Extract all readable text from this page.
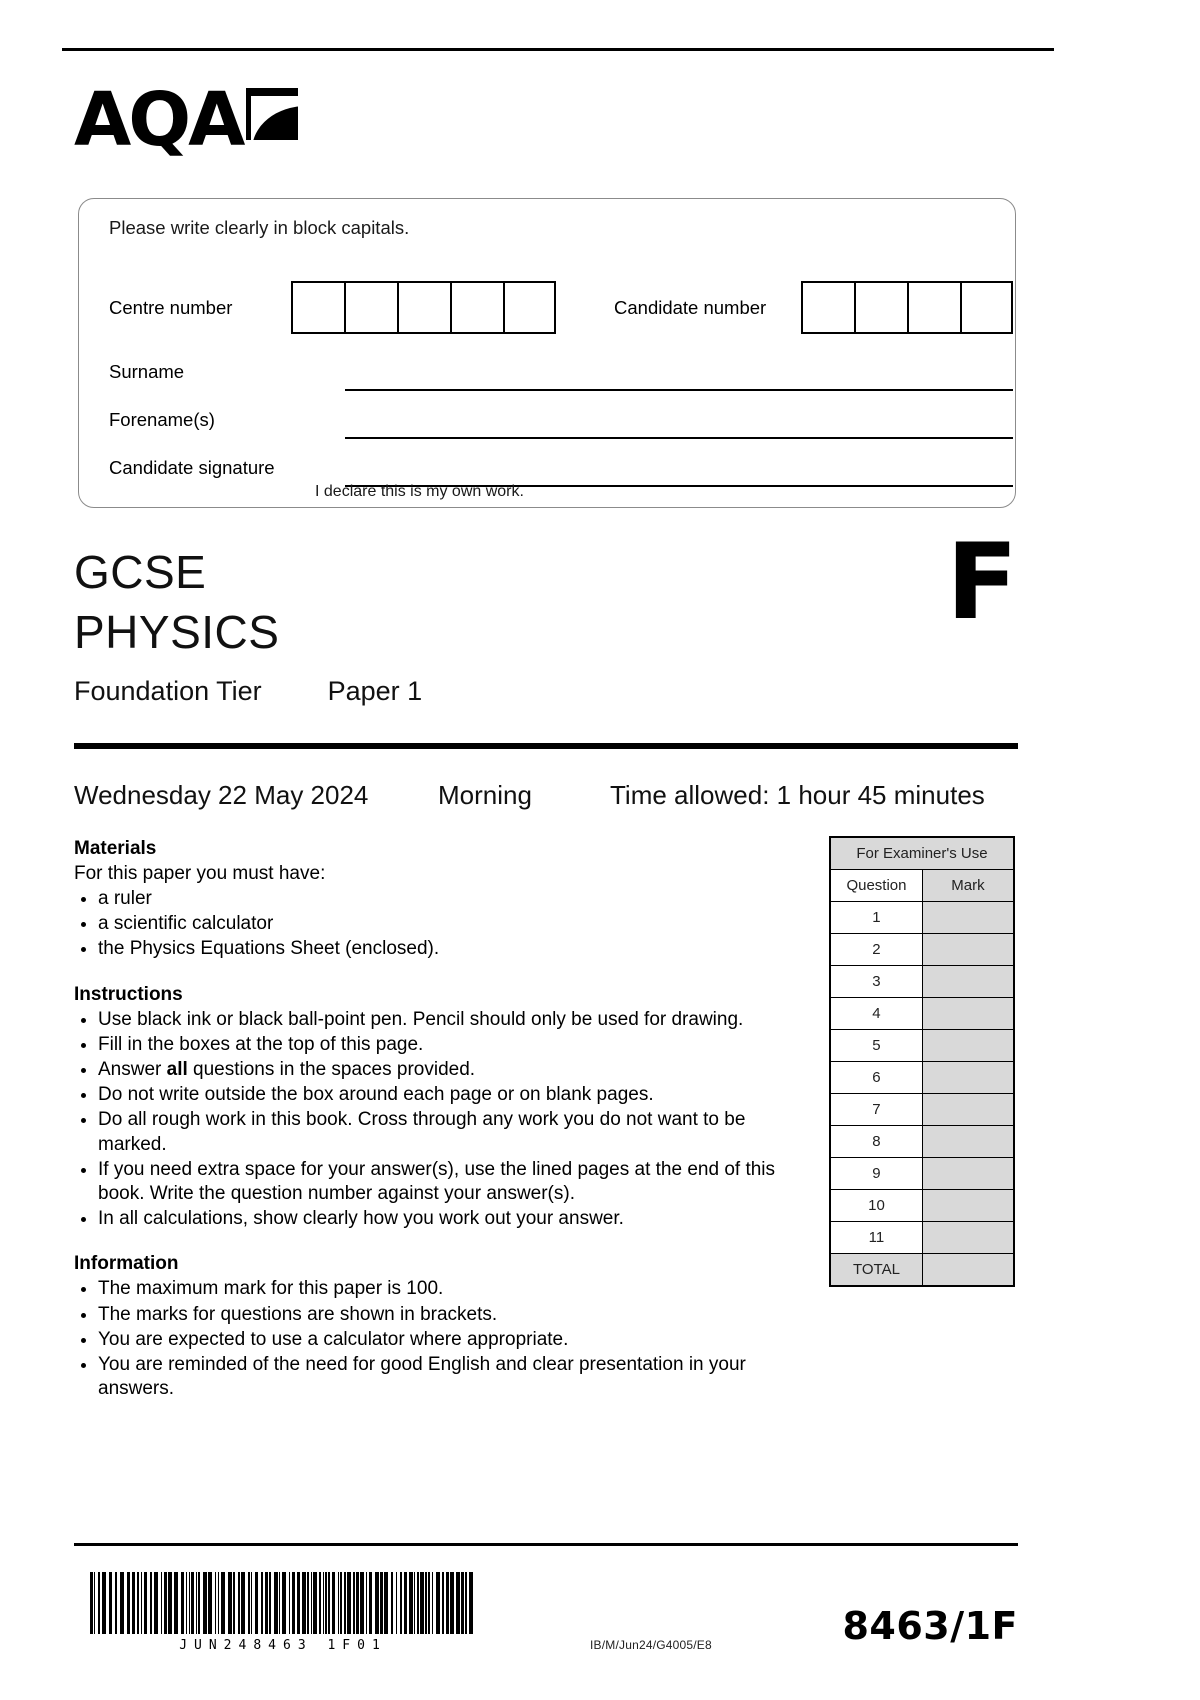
AQA
Please write clearly in block capitals.
Centre number	Candidate number
Surname
Forename(s)
Candidate signature
I declare this is my own work.
GCSE
PHYSICS
Foundation Tier Paper 1
F
Wednesday 22 May 2024	Morning	Time allowed: 1 hour 45 minutes
Materials

For this paper you must have:

a ruler
a scientific calculator
the Physics Equations Sheet (enclosed).
Instructions
Use black ink or black ball-point pen. Pencil should only be used for drawing.
Fill in the boxes at the top of this page.
Answer all questions in the spaces provided.
Do not write outside the box around each page or on blank pages.
Do all rough work in this book. Cross through any work you do not want to be marked.
If you need extra space for your answer(s), use the lined pages at the end of this book. Write the question number against your answer(s).
In all calculations, show clearly how you work out your answer.
Information
The maximum mark for this paper is 100.
The marks for questions are shown in brackets.
You are expected to use a calculator where appropriate.
You are reminded of the need for good English and clear presentation in your answers.
For Examiner's Use	
Question	Mark
1	
2	
3	
4	
5	
6	
7	
8	
9	
10	
11	
TOTAL	
JUN248463 1F01	IB/M/Jun24/G4005/E8	8463/1F
